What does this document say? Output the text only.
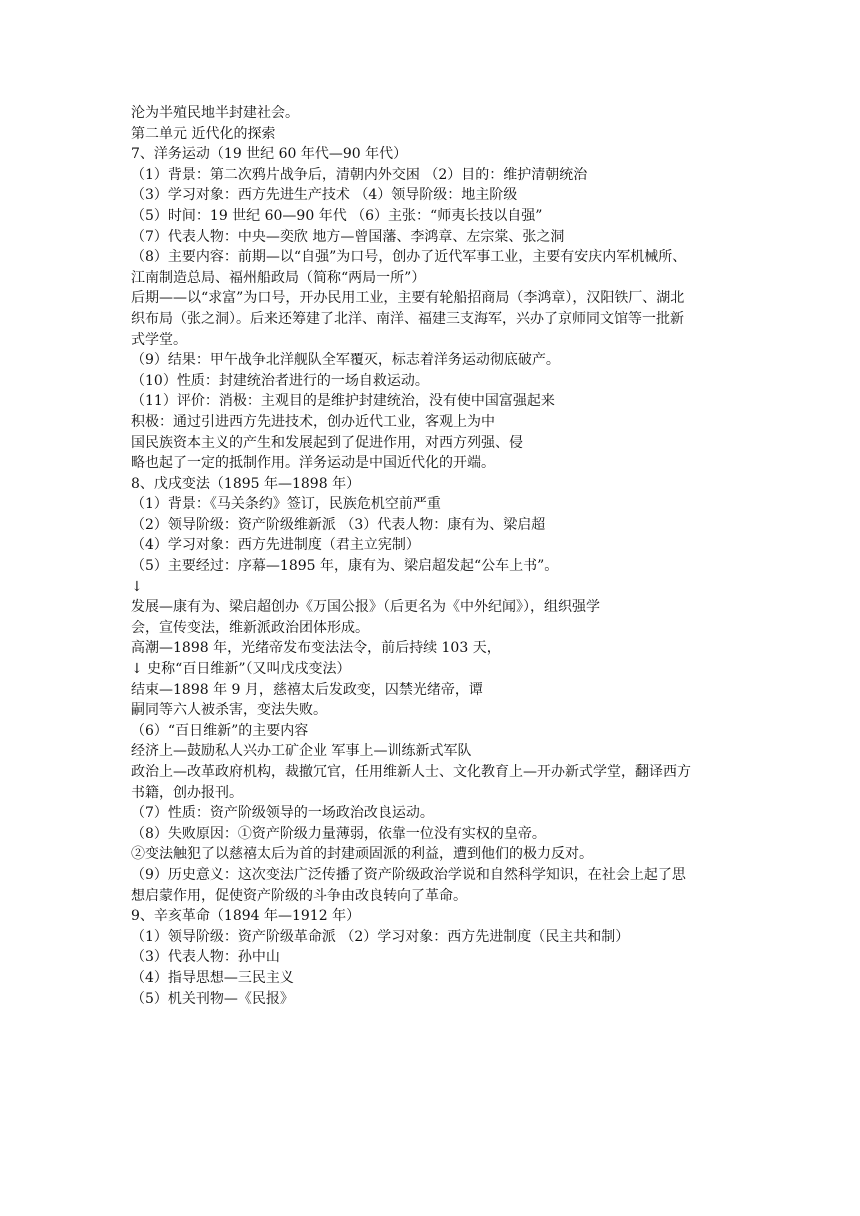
沦为半殖民地半封建社会。

第二单元 近代化的探索

7、洋务运动（19 世纪 60 年代—90 年代）

（1）背景：第二次鸦片战争后，清朝内外交困 （2）目的：维护清朝统治

（3）学习对象：西方先进生产技术 （4）领导阶级：地主阶级

（5）时间：19 世纪 60—90 年代 （6）主张：“师夷长技以自强”

（7）代表人物：中央—奕欣 地方—曾国藩、李鸿章、左宗棠、张之洞

（8）主要内容：前期—以“自强”为口号，创办了近代军事工业，主要有安庆内军机械所、

江南制造总局、福州船政局（简称“两局一所”）

后期——以“求富”为口号，开办民用工业，主要有轮船招商局（李鸿章），汉阳铁厂、湖北

织布局（张之洞）。后来还筹建了北洋、南洋、福建三支海军，兴办了京师同文馆等一批新

式学堂。

（9）结果：甲午战争北洋舰队全军覆灭，标志着洋务运动彻底破产。

（10）性质：封建统治者进行的一场自救运动。

（11）评价：消极：主观目的是维护封建统治，没有使中国富强起来

积极：通过引进西方先进技术，创办近代工业，客观上为中

国民族资本主义的产生和发展起到了促进作用，对西方列强、侵

略也起了一定的抵制作用。洋务运动是中国近代化的开端。

8、戊戌变法（1895 年—1898 年）

（1）背景：《马关条约》签订，民族危机空前严重

（2）领导阶级：资产阶级维新派 （3）代表人物：康有为、梁启超

（4）学习对象：西方先进制度（君主立宪制）

（5）主要经过：序幕—1895 年，康有为、梁启超发起“公车上书”。

↓

发展—康有为、梁启超创办《万国公报》（后更名为《中外纪闻》），组织强学

会，宣传变法，维新派政治团体形成。

高潮—1898 年，光绪帝发布变法法令，前后持续 103 天，

↓ 史称“百日维新”（又叫戊戌变法）

结束—1898 年 9 月，慈禧太后发政变，囚禁光绪帝，谭

嗣同等六人被杀害，变法失败。

（6）“百日维新”的主要内容

经济上—鼓励私人兴办工矿企业 军事上—训练新式军队

政治上—改革政府机构，裁撤冗官，任用维新人士、文化教育上—开办新式学堂，翻译西方

书籍，创办报刊。

（7）性质：资产阶级领导的一场政治改良运动。

（8）失败原因：①资产阶级力量薄弱，依靠一位没有实权的皇帝。

②变法触犯了以慈禧太后为首的封建顽固派的利益，遭到他们的极力反对。

（9）历史意义：这次变法广泛传播了资产阶级政治学说和自然科学知识，在社会上起了思

想启蒙作用，促使资产阶级的斗争由改良转向了革命。

9、辛亥革命（1894 年—1912 年）

（1）领导阶级：资产阶级革命派 （2）学习对象：西方先进制度（民主共和制）

（3）代表人物：孙中山

（4）指导思想—三民主义

（5）机关刊物—《民报》
